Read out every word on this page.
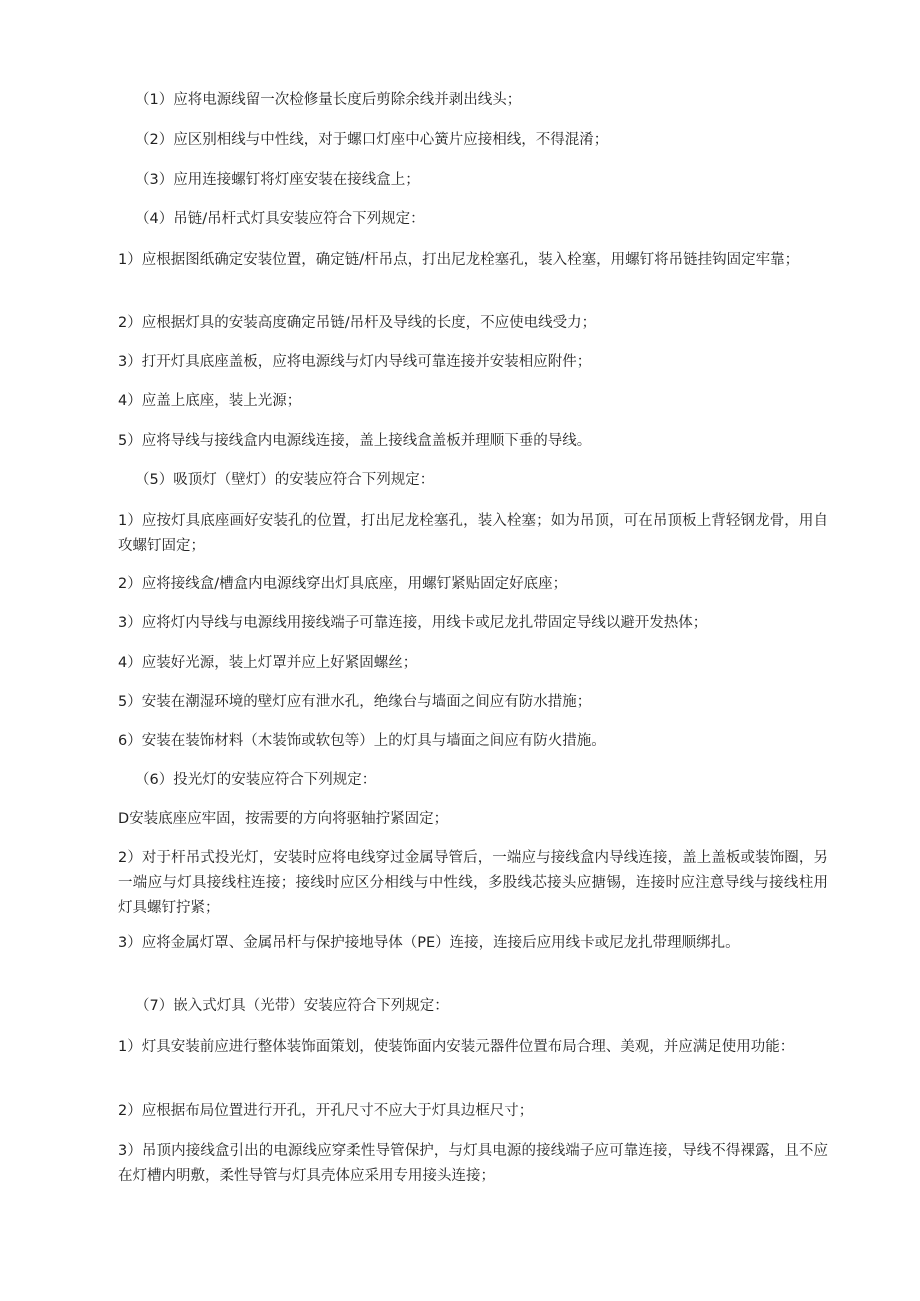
（1）应将电源线留一次检修量长度后剪除余线并剥出线头；

（2）应区别相线与中性线，对于螺口灯座中心簧片应接相线，不得混淆；

（3）应用连接螺钉将灯座安装在接线盒上；

（4）吊链/吊杆式灯具安装应符合下列规定：

1）应根据图纸确定安装位置，确定链/杆吊点，打出尼龙栓塞孔，装入栓塞，用螺钉将吊链挂钩固定牢靠；

2）应根据灯具的安装高度确定吊链/吊杆及导线的长度，不应使电线受力；

3）打开灯具底座盖板，应将电源线与灯内导线可靠连接并安装相应附件；

4）应盖上底座，装上光源；

5）应将导线与接线盒内电源线连接，盖上接线盒盖板并理顺下垂的导线。

（5）吸顶灯（壁灯）的安装应符合下列规定：

1）应按灯具底座画好安装孔的位置，打出尼龙栓塞孔，装入栓塞；如为吊顶，可在吊顶板上背轻钢龙骨，用自攻螺钉固定；

2）应将接线盒/槽盒内电源线穿出灯具底座，用螺钉紧贴固定好底座；

3）应将灯内导线与电源线用接线端子可靠连接，用线卡或尼龙扎带固定导线以避开发热体；

4）应装好光源，装上灯罩并应上好紧固螺丝；

5）安装在潮湿环境的壁灯应有泄水孔，绝缘台与墙面之间应有防水措施；

6）安装在装饰材料（木装饰或软包等）上的灯具与墙面之间应有防火措施。

（6）投光灯的安装应符合下列规定：

D安装底座应牢固，按需要的方向将驱轴拧紧固定；

2）对于杆吊式投光灯，安装时应将电线穿过金属导管后，一端应与接线盒内导线连接，盖上盖板或装饰圈，另一端应与灯具接线柱连接；接线时应区分相线与中性线，多股线芯接头应搪锡，连接时应注意导线与接线柱用灯具螺钉拧紧；

3）应将金属灯罩、金属吊杆与保护接地导体（PE）连接，连接后应用线卡或尼龙扎带理顺绑扎。

（7）嵌入式灯具（光带）安装应符合下列规定：

1）灯具安装前应进行整体装饰面策划，使装饰面内安装元器件位置布局合理、美观，并应满足使用功能：

2）应根据布局位置进行开孔，开孔尺寸不应大于灯具边框尺寸；

3）吊顶内接线盒引出的电源线应穿柔性导管保护，与灯具电源的接线端子应可靠连接，导线不得裸露，且不应在灯槽内明敷，柔性导管与灯具壳体应采用专用接头连接；
